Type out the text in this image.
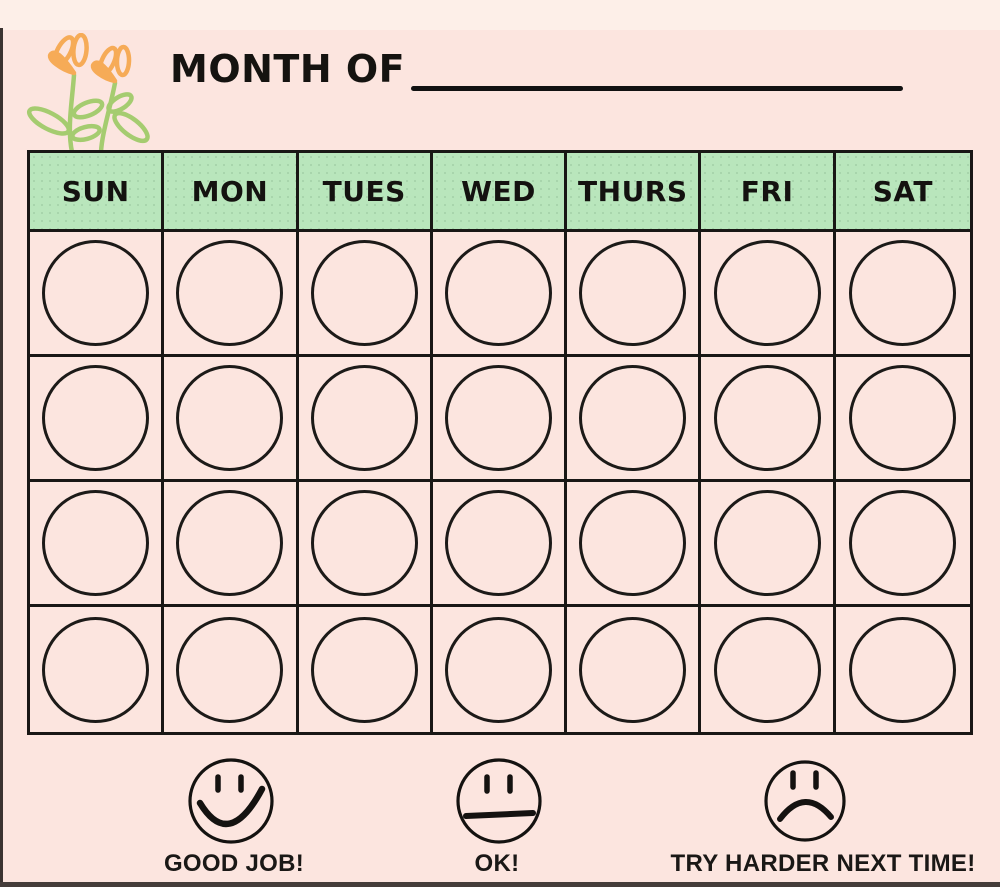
MONTH OF
SUN MON TUES WED THURS FRI	SAT
GOOD JOB!	OK!	TRY HARDER NEXT TIME!
